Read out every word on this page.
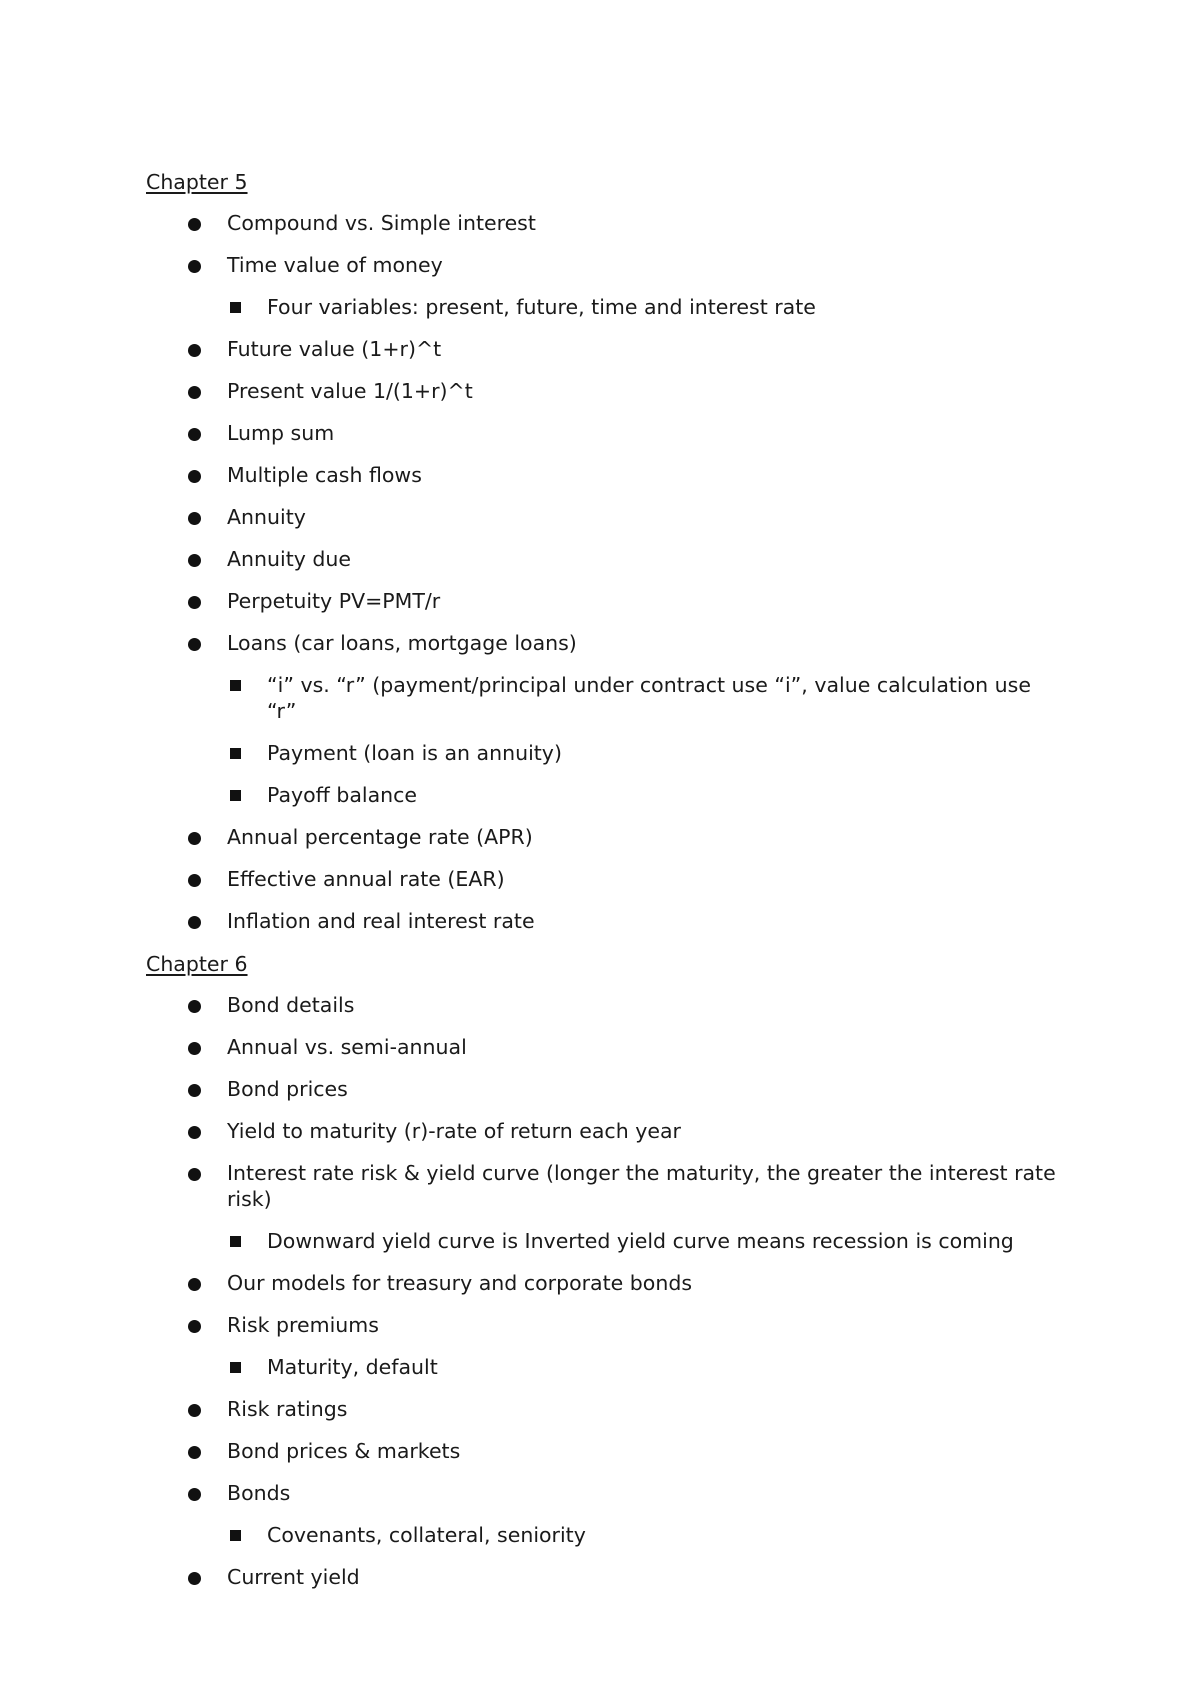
Chapter 5
Compound vs. Simple interest
Time value of money
Four variables: present, future, time and interest rate
Future value (1+r)^t
Present value 1/(1+r)^t
Lump sum
Multiple cash flows
Annuity
Annuity due
Perpetuity PV=PMT/r
Loans (car loans, mortgage loans)
“i” vs. “r” (payment/principal under contract use “i”, value calculation use “r”
Payment (loan is an annuity)
Payoff balance
Annual percentage rate (APR)
Effective annual rate (EAR)
Inflation and real interest rate
Chapter 6
Bond details
Annual vs. semi-annual
Bond prices
Yield to maturity (r)-rate of return each year
Interest rate risk & yield curve (longer the maturity, the greater the interest rate risk)
Downward yield curve is Inverted yield curve means recession is coming
Our models for treasury and corporate bonds
Risk premiums
Maturity, default
Risk ratings
Bond prices & markets
Bonds
Covenants, collateral, seniority
Current yield
